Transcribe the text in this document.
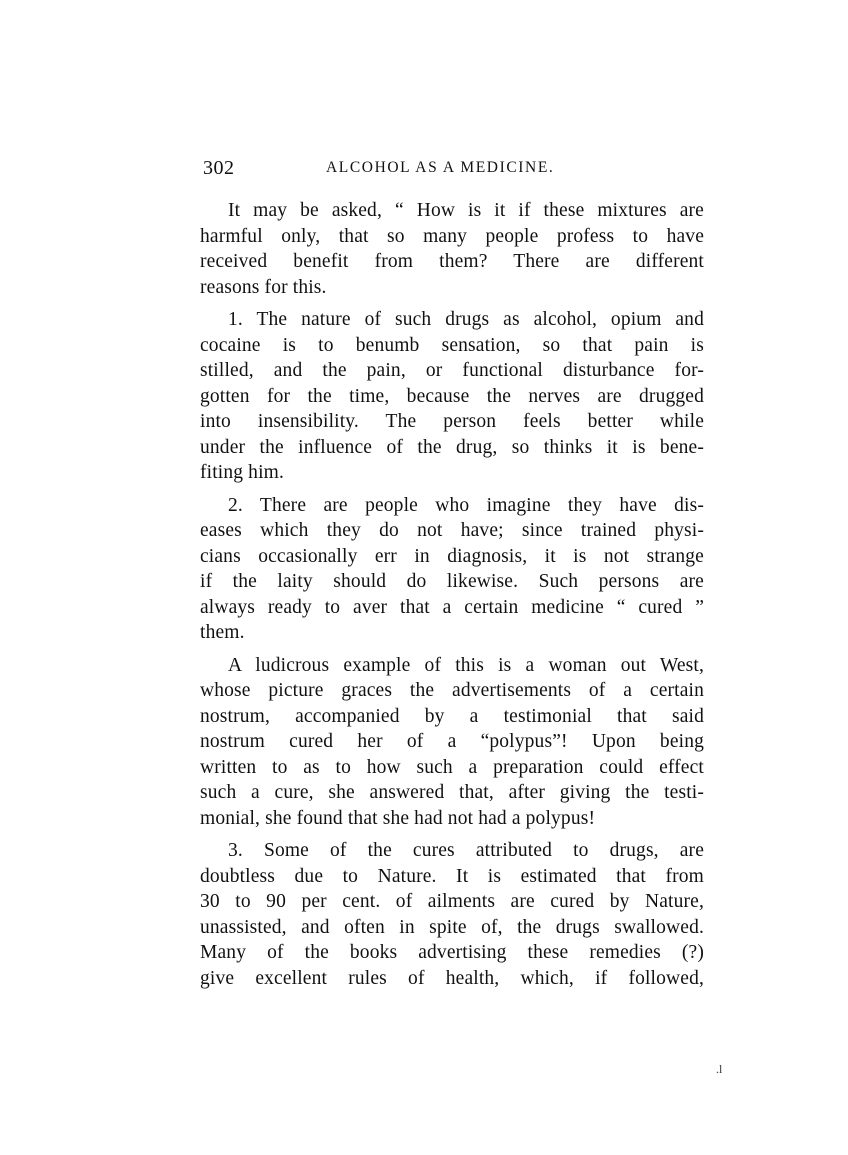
302	ALCOHOL AS A MEDICINE.

It may be asked, “ How is it if these mixtures are
harmful only, that so many people profess to have
received benefit from them? There are different
reasons for this.

1. The nature of such drugs as alcohol, opium and
cocaine is to benumb sensation, so that pain is
stilled, and the pain, or functional disturbance for-
gotten for the time, because the nerves are drugged
into insensibility. The person feels better while
under the influence of the drug, so thinks it is bene-
fiting him.

2. There are people who imagine they have dis-
eases which they do not have; since trained physi-
cians occasionally err in diagnosis, it is not strange
if the laity should do likewise. Such persons are
always ready to aver that a certain medicine “ cured ”
them.

A ludicrous example of this is a woman out West,
whose picture graces the advertisements of a certain
nostrum, accompanied by a testimonial that said
nostrum cured her of a “polypus”! Upon being
written to as to how such a preparation could effect
such a cure, she answered that, after giving the testi-
monial, she found that she had not had a polypus!

3. Some of the cures attributed to drugs, are
doubtless due to Nature. It is estimated that from
30 to 90 per cent. of ailments are cured by Nature,
unassisted, and often in spite of, the drugs swallowed.
Many of the books advertising these remedies (?)
give excellent rules of health, which, if followed,

.l
